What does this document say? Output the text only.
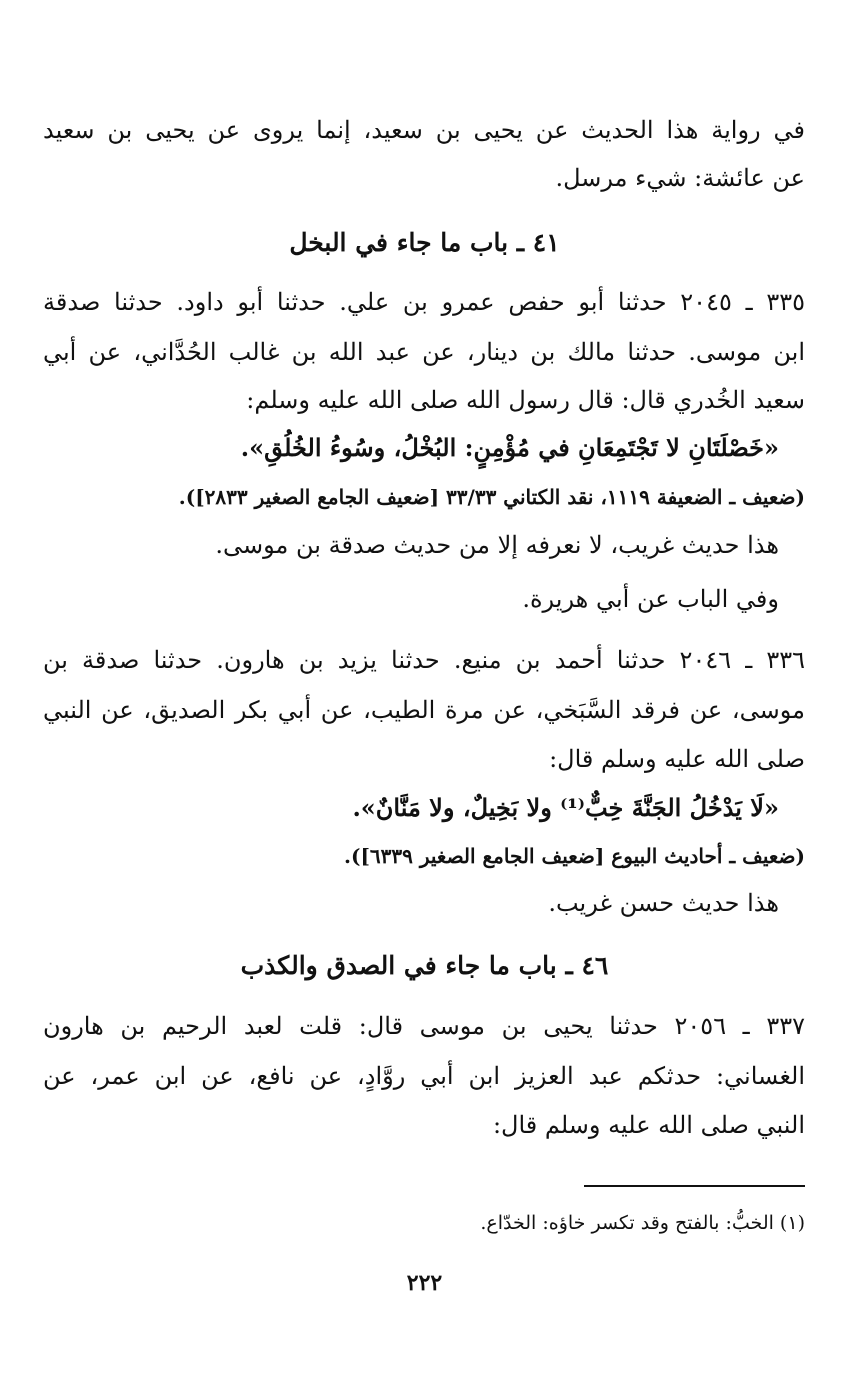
في رواية هذا الحديث عن يحيى بن سعيد، إنما يروى عن يحيى بن سعيد
عن عائشة: شيء مرسل.
٤١ ـ باب ما جاء في البخل
٣٣٥ ـ ٢٠٤٥ حدثنا أبو حفص عمرو بن علي. حدثنا أبو داود. حدثنا صدقة
ابن موسى. حدثنا مالك بن دينار، عن عبد الله بن غالب الحُدَّاني، عن أبي
سعيد الخُدري قال: قال رسول الله صلى الله عليه وسلم:
«خَصْلَتَانِ لا تَجْتَمِعَانِ في مُؤْمِنٍ: البُخْلُ، وسُوءُ الخُلُقِ».
(ضعيف ـ الضعيفة ١١١٩، نقد الكتاني ٣٣/٣٣ [ضعيف الجامع الصغير ٢٨٣٣]).
هذا حديث غريب، لا نعرفه إلا من حديث صدقة بن موسى.
وفي الباب عن أبي هريرة.
٣٣٦ ـ ٢٠٤٦ حدثنا أحمد بن منيع. حدثنا يزيد بن هارون. حدثنا صدقة بن
موسى، عن فرقد السَّبَخي، عن مرة الطيب، عن أبي بكر الصديق، عن النبي
صلى الله عليه وسلم قال:
«لَا يَدْخُلُ الجَنَّةَ خِبٌّ⁽¹⁾ ولا بَخِيلٌ، ولا مَنَّانٌ».
(ضعيف ـ أحاديث البيوع [ضعيف الجامع الصغير ٦٣٣٩]).
هذا حديث حسن غريب.
٤٦ ـ باب ما جاء في الصدق والكذب
٣٣٧ ـ ٢٠٥٦ حدثنا يحيى بن موسى قال: قلت لعبد الرحيم بن هارون
الغساني: حدثكم عبد العزيز ابن أبي روَّادٍ، عن نافع، عن ابن عمر، عن
النبي صلى الله عليه وسلم قال:
(١) الخبُّ: بالفتح وقد تكسر خاؤه: الخدّاع.
٢٢٢
